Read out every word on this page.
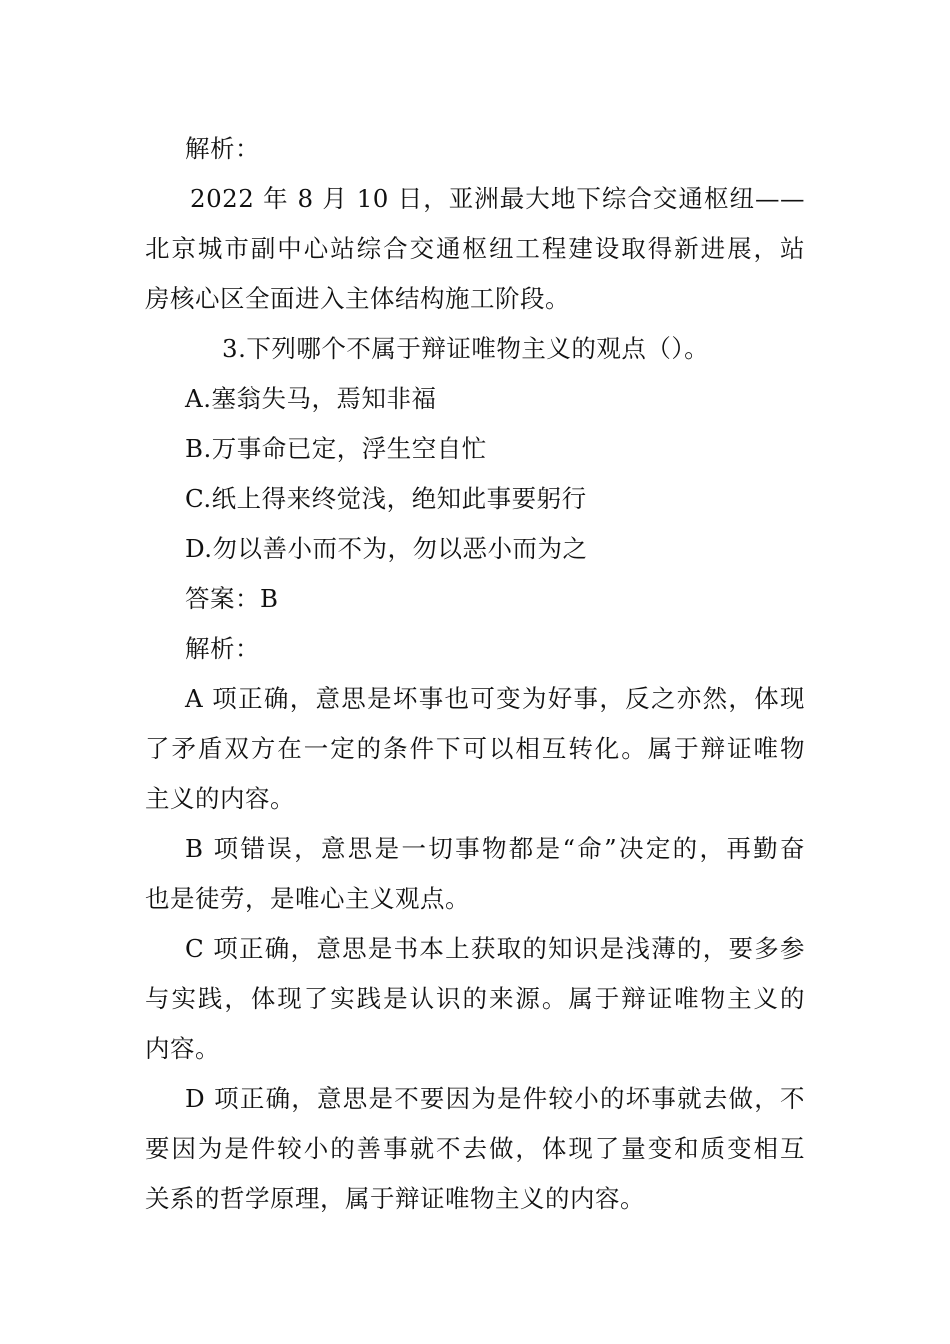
解析：
2022 年 8 月 10 日，亚洲最大地下综合交通枢纽——
北京城市副中心站综合交通枢纽工程建设取得新进展，站
房核心区全面进入主体结构施工阶段。
3.下列哪个不属于辩证唯物主义的观点（）。
A.塞翁失马，焉知非福
B.万事命已定，浮生空自忙
C.纸上得来终觉浅，绝知此事要躬行
D.勿以善小而不为，勿以恶小而为之
答案：B
解析：
A 项正确，意思是坏事也可变为好事，反之亦然，体现
了矛盾双方在一定的条件下可以相互转化。属于辩证唯物
主义的内容。
B 项错误，意思是一切事物都是“命”决定的，再勤奋
也是徒劳，是唯心主义观点。
C 项正确，意思是书本上获取的知识是浅薄的，要多参
与实践，体现了实践是认识的来源。属于辩证唯物主义的
内容。
D 项正确，意思是不要因为是件较小的坏事就去做，不
要因为是件较小的善事就不去做，体现了量变和质变相互
关系的哲学原理，属于辩证唯物主义的内容。
